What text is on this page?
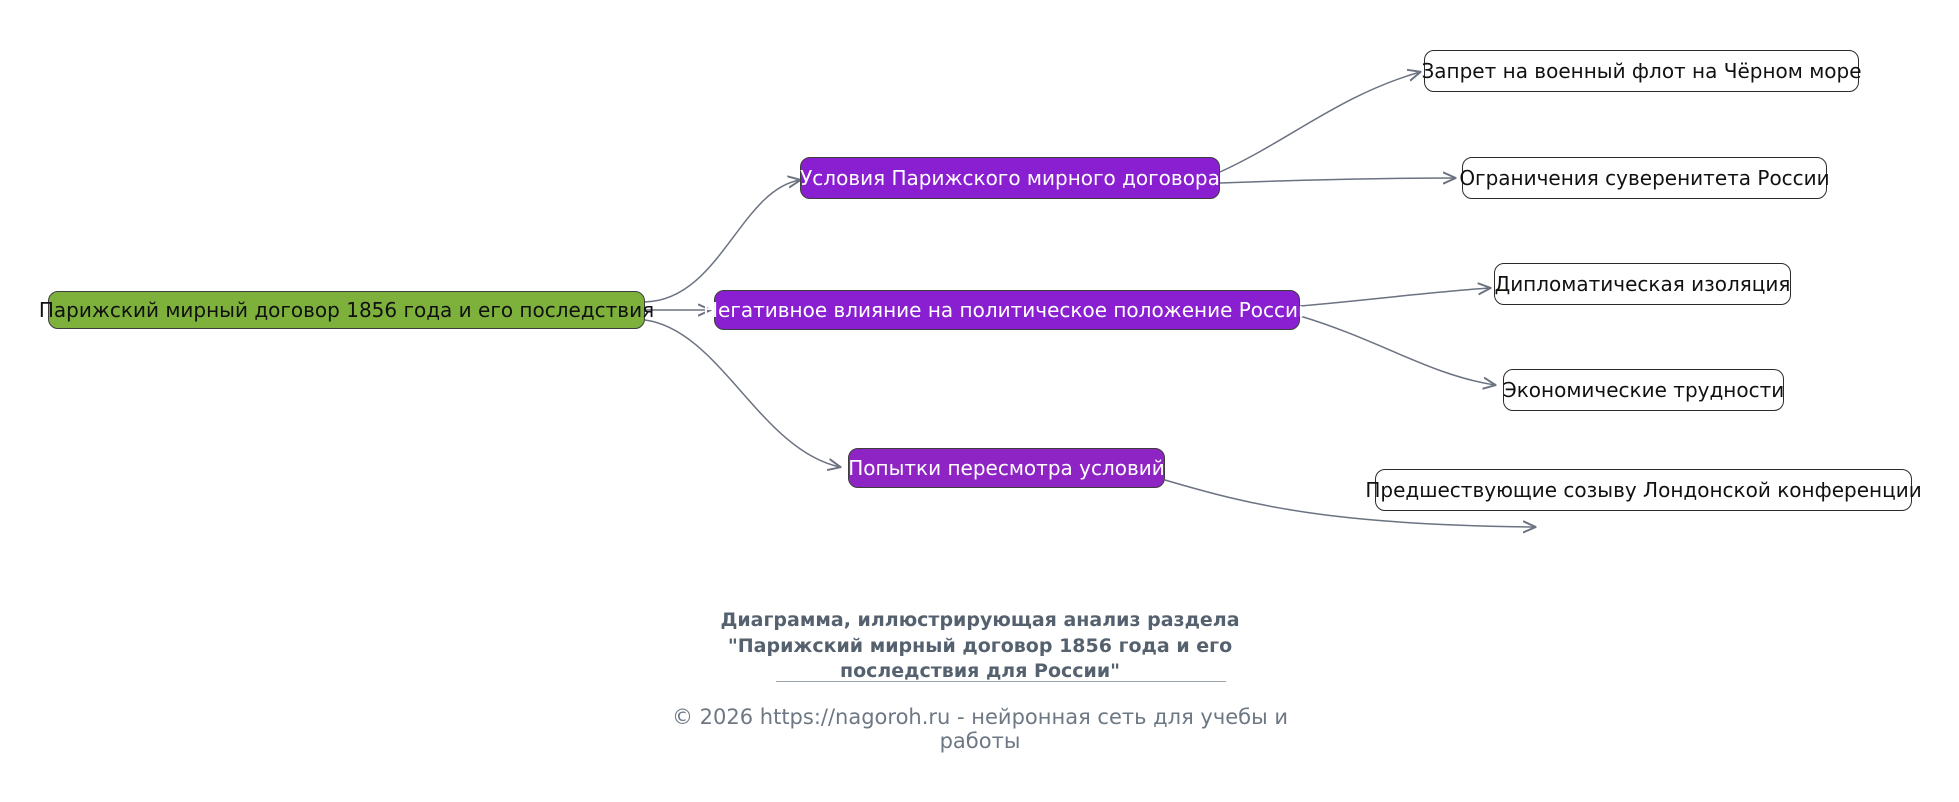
Парижский мирный договор 1856 года и его последствия
Условия Парижского мирного договора
Негативное влияние на политическое положение России
Попытки пересмотра условий
Запрет на военный флот на Чёрном море
Ограничения суверенитета России
Дипломатическая изоляция
Экономические трудности
Предшествующие созыву Лондонской конференции
Диаграмма, иллюстрирующая анализ раздела
"Парижский мирный договор 1856 года и его
последствия для России"
© 2026 https://nagoroh.ru - нейронная сеть для учебы и работы
